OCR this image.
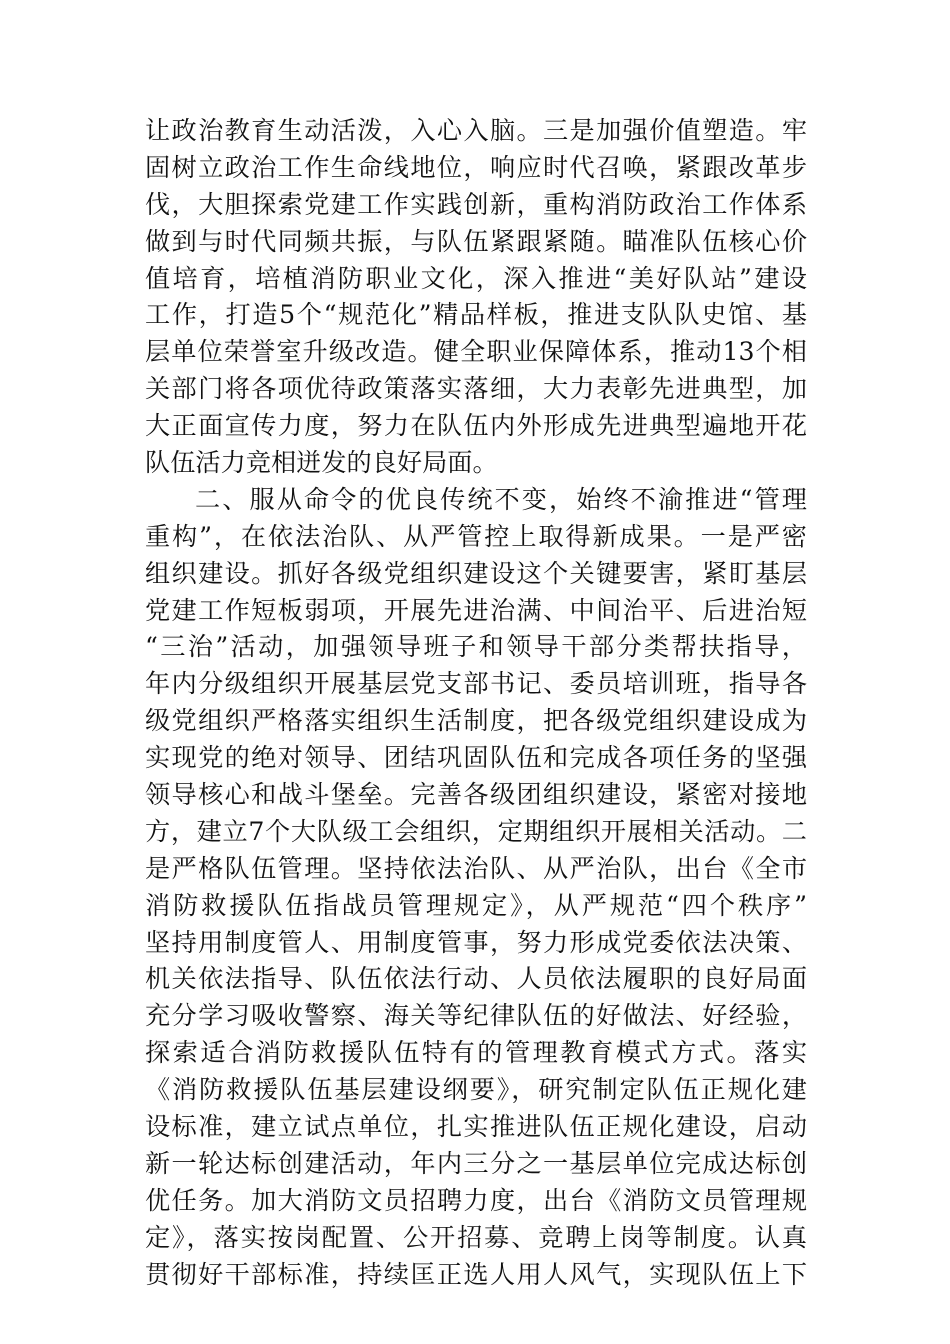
让政治教育生动活泼，入心入脑。三是加强价值塑造。牢
固树立政治工作生命线地位，响应时代召唤，紧跟改革步
伐，大胆探索党建工作实践创新，重构消防政治工作体系
做到与时代同频共振，与队伍紧跟紧随。瞄准队伍核心价
值培育，培植消防职业文化，深入推进“美好队站”建设
工作，打造5个“规范化”精品样板，推进支队队史馆、基
层单位荣誉室升级改造。健全职业保障体系，推动13个相
关部门将各项优待政策落实落细，大力表彰先进典型，加
大正面宣传力度，努力在队伍内外形成先进典型遍地开花
队伍活力竞相迸发的良好局面。
二、服从命令的优良传统不变，始终不渝推进“管理
重构”，在依法治队、从严管控上取得新成果。一是严密
组织建设。抓好各级党组织建设这个关键要害，紧盯基层
党建工作短板弱项，开展先进治满、中间治平、后进治短
“三治”活动，加强领导班子和领导干部分类帮扶指导，
年内分级组织开展基层党支部书记、委员培训班，指导各
级党组织严格落实组织生活制度，把各级党组织建设成为
实现党的绝对领导、团结巩固队伍和完成各项任务的坚强
领导核心和战斗堡垒。完善各级团组织建设，紧密对接地
方，建立7个大队级工会组织，定期组织开展相关活动。二
是严格队伍管理。坚持依法治队、从严治队，出台《全市
消防救援队伍指战员管理规定》，从严规范“四个秩序”
坚持用制度管人、用制度管事，努力形成党委依法决策、
机关依法指导、队伍依法行动、人员依法履职的良好局面
充分学习吸收警察、海关等纪律队伍的好做法、好经验，
探索适合消防救援队伍特有的管理教育模式方式。落实
《消防救援队伍基层建设纲要》，研究制定队伍正规化建
设标准，建立试点单位，扎实推进队伍正规化建设，启动
新一轮达标创建活动，年内三分之一基层单位完成达标创
优任务。加大消防文员招聘力度，出台《消防文员管理规
定》，落实按岗配置、公开招募、竞聘上岗等制度。认真
贯彻好干部标准，持续匡正选人用人风气，实现队伍上下
